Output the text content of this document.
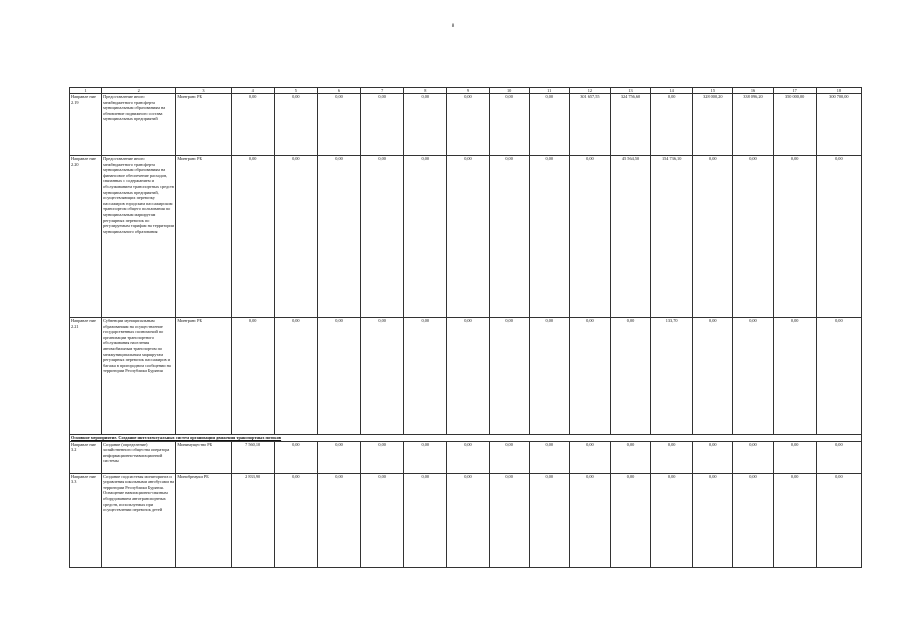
8
1	2	3	4	5	6	7	8	9	10	11	12	13	14	15	16	17	18
Направле ние 2.19	Предоставление иного межбюджетного трансферта муниципальным образованиям на обновление подвижного состава муниципальных предприятий	Минтранс РБ	0,00	0,00	0,00	0,00	0,00	0,00	0,00	0,00	301 657,55	324 756,60	0,00	328 000,20	338 096,20	350 000,00	300 700,00
Направле ние 2.20	Предоставление иного межбюджетного трансферта муниципальным образованиям на финансовое обеспечение расходов, связанных с содержанием и обслуживанием транспортных средств муниципальных предприятий, осуществляющих перевозку пассажиров городским пассажирским транспортом общего пользования по муниципальным маршрутам регулярных перевозок по регулируемым тарифам на территории муниципального образования	Минтранс РБ	0,00	0,00	0,00	0,00	0,00	0,00	0,00	0,00	0,00	45 564,50	154 736,10	0,00	0,00	0,00	0,00
Направле ние 2.21	Субвенции муниципальным образованиям на осуществление государственных полномочий по организации транспортного обслуживания населения автомобильным транспортом по межмуниципальным маршрутам регулярных перевозок пассажиров и багажа в пригородном сообщении на территории Республики Бурятия	Минтранс РБ	0,00	0,00	0,00	0,00	0,00	0,00	0,00	0,00	0,00	0,00	133,70	0,00	0,00	0,00	0,00
Основное мероприятие. Создание интеллектуальных систем организации движения транспортных потоков																	
Направле ние 3.2	Создание (определение) хозяйственного общества оператора информационно-навигационной системы	Минимущество РБ	7 560,10	0,00	0,00	0,00	0,00	0,00	0,00	0,00	0,00	0,00	0,00	0,00	0,00	0,00	0,00
Направле ние 3.3	Создание подсистемы мониторинга и управления школьными автобусами на территории Республики Бурятия. Оснащение навигационно-связным оборудованием автотранспортных средств, используемых при осуществлении перевозок детей	Минобрнауки РБ	2 833,90	0,00	0,00	0,00	0,00	0,00	0,00	0,00	0,00	0,00	0,00	0,00	0,00	0,00	0,00
